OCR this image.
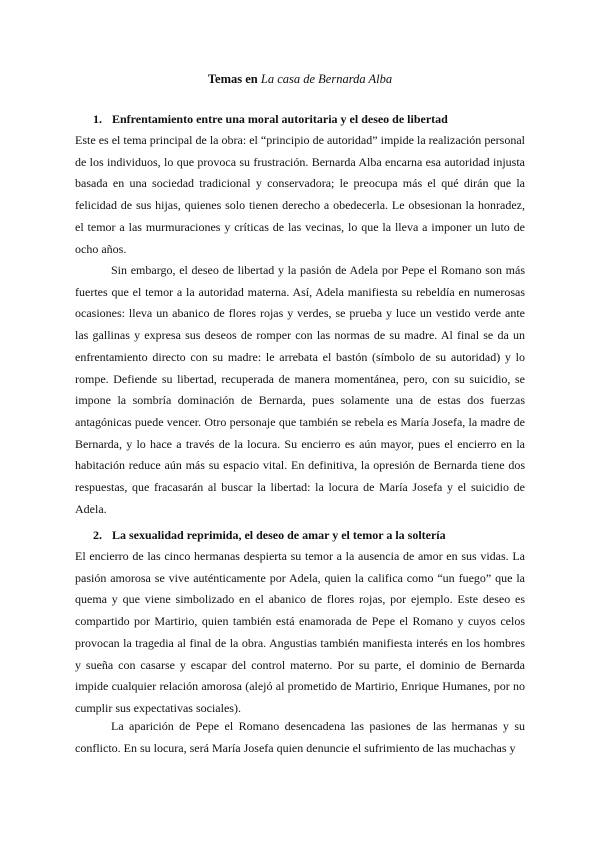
Temas en La casa de Bernarda Alba
1. Enfrentamiento entre una moral autoritaria y el deseo de libertad

Este es el tema principal de la obra: el “principio de autoridad” impide la realización personal de los individuos, lo que provoca su frustración. Bernarda Alba encarna esa autoridad injusta basada en una sociedad tradicional y conservadora; le preocupa más el qué dirán que la felicidad de sus hijas, quienes solo tienen derecho a obedecerla. Le obsesionan la honradez, el temor a las murmuraciones y críticas de las vecinas, lo que la lleva a imponer un luto de ocho años.

Sin embargo, el deseo de libertad y la pasión de Adela por Pepe el Romano son más fuertes que el temor a la autoridad materna. Así, Adela manifiesta su rebeldía en numerosas ocasiones: lleva un abanico de flores rojas y verdes, se prueba y luce un vestido verde ante las gallinas y expresa sus deseos de romper con las normas de su madre. Al final se da un enfrentamiento directo con su madre: le arrebata el bastón (símbolo de su autoridad) y lo rompe. Defiende su libertad, recuperada de manera momentánea, pero, con su suicidio, se impone la sombría dominación de Bernarda, pues solamente una de estas dos fuerzas antagónicas puede vencer. Otro personaje que también se rebela es María Josefa, la madre de Bernarda, y lo hace a través de la locura. Su encierro es aún mayor, pues el encierro en la habitación reduce aún más su espacio vital. En definitiva, la opresión de Bernarda tiene dos respuestas, que fracasarán al buscar la libertad: la locura de María Josefa y el suicidio de Adela.

2. La sexualidad reprimida, el deseo de amar y el temor a la soltería

El encierro de las cinco hermanas despierta su temor a la ausencia de amor en sus vidas. La pasión amorosa se vive auténticamente por Adela, quien la califica como “un fuego” que la quema y que viene simbolizado en el abanico de flores rojas, por ejemplo. Este deseo es compartido por Martirio, quien también está enamorada de Pepe el Romano y cuyos celos provocan la tragedia al final de la obra. Angustias también manifiesta interés en los hombres y sueña con casarse y escapar del control materno. Por su parte, el dominio de Bernarda impide cualquier relación amorosa (alejó al prometido de Martirio, Enrique Humanes, por no cumplir sus expectativas sociales).

La aparición de Pepe el Romano desencadena las pasiones de las hermanas y su conflicto. En su locura, será María Josefa quien denuncie el sufrimiento de las muchachas y
